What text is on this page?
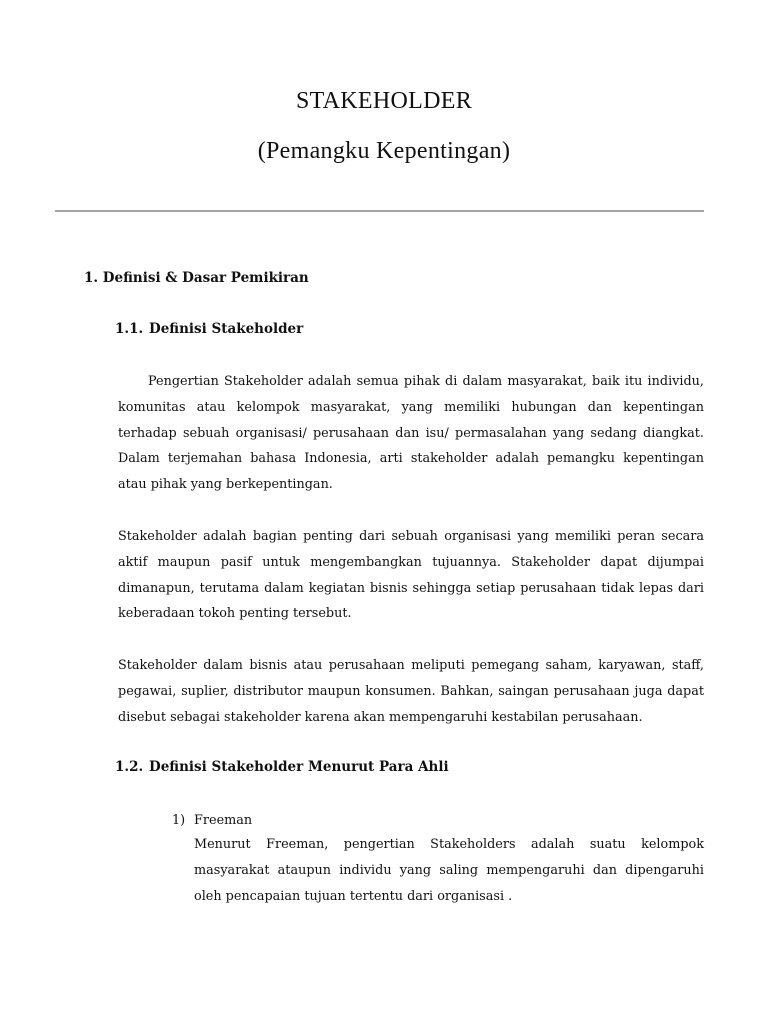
STAKEHOLDER
(Pemangku Kepentingan)
1. Definisi & Dasar Pemikiran
1.1. Definisi Stakeholder

Pengertian Stakeholder adalah semua pihak di dalam masyarakat, baik itu individu, komunitas atau kelompok masyarakat, yang memiliki hubungan dan kepentingan terhadap sebuah organisasi/ perusahaan dan isu/ permasalahan yang sedang diangkat. Dalam terjemahan bahasa Indonesia, arti stakeholder adalah pemangku kepentingan atau pihak yang berkepentingan.

Stakeholder adalah bagian penting dari sebuah organisasi yang memiliki peran secara aktif maupun pasif untuk mengembangkan tujuannya. Stakeholder dapat dijumpai dimanapun, terutama dalam kegiatan bisnis sehingga setiap perusahaan tidak lepas dari keberadaan tokoh penting tersebut.

Stakeholder dalam bisnis atau perusahaan meliputi pemegang saham, karyawan, staff, pegawai, suplier, distributor maupun konsumen. Bahkan, saingan perusahaan juga dapat disebut sebagai stakeholder karena akan mempengaruhi kestabilan perusahaan.

1.2. Definisi Stakeholder Menurut Para Ahli
1) Freeman

Menurut Freeman, pengertian Stakeholders adalah suatu kelompok masyarakat ataupun individu yang saling mempengaruhi dan dipengaruhi oleh pencapaian tujuan tertentu dari organisasi .
